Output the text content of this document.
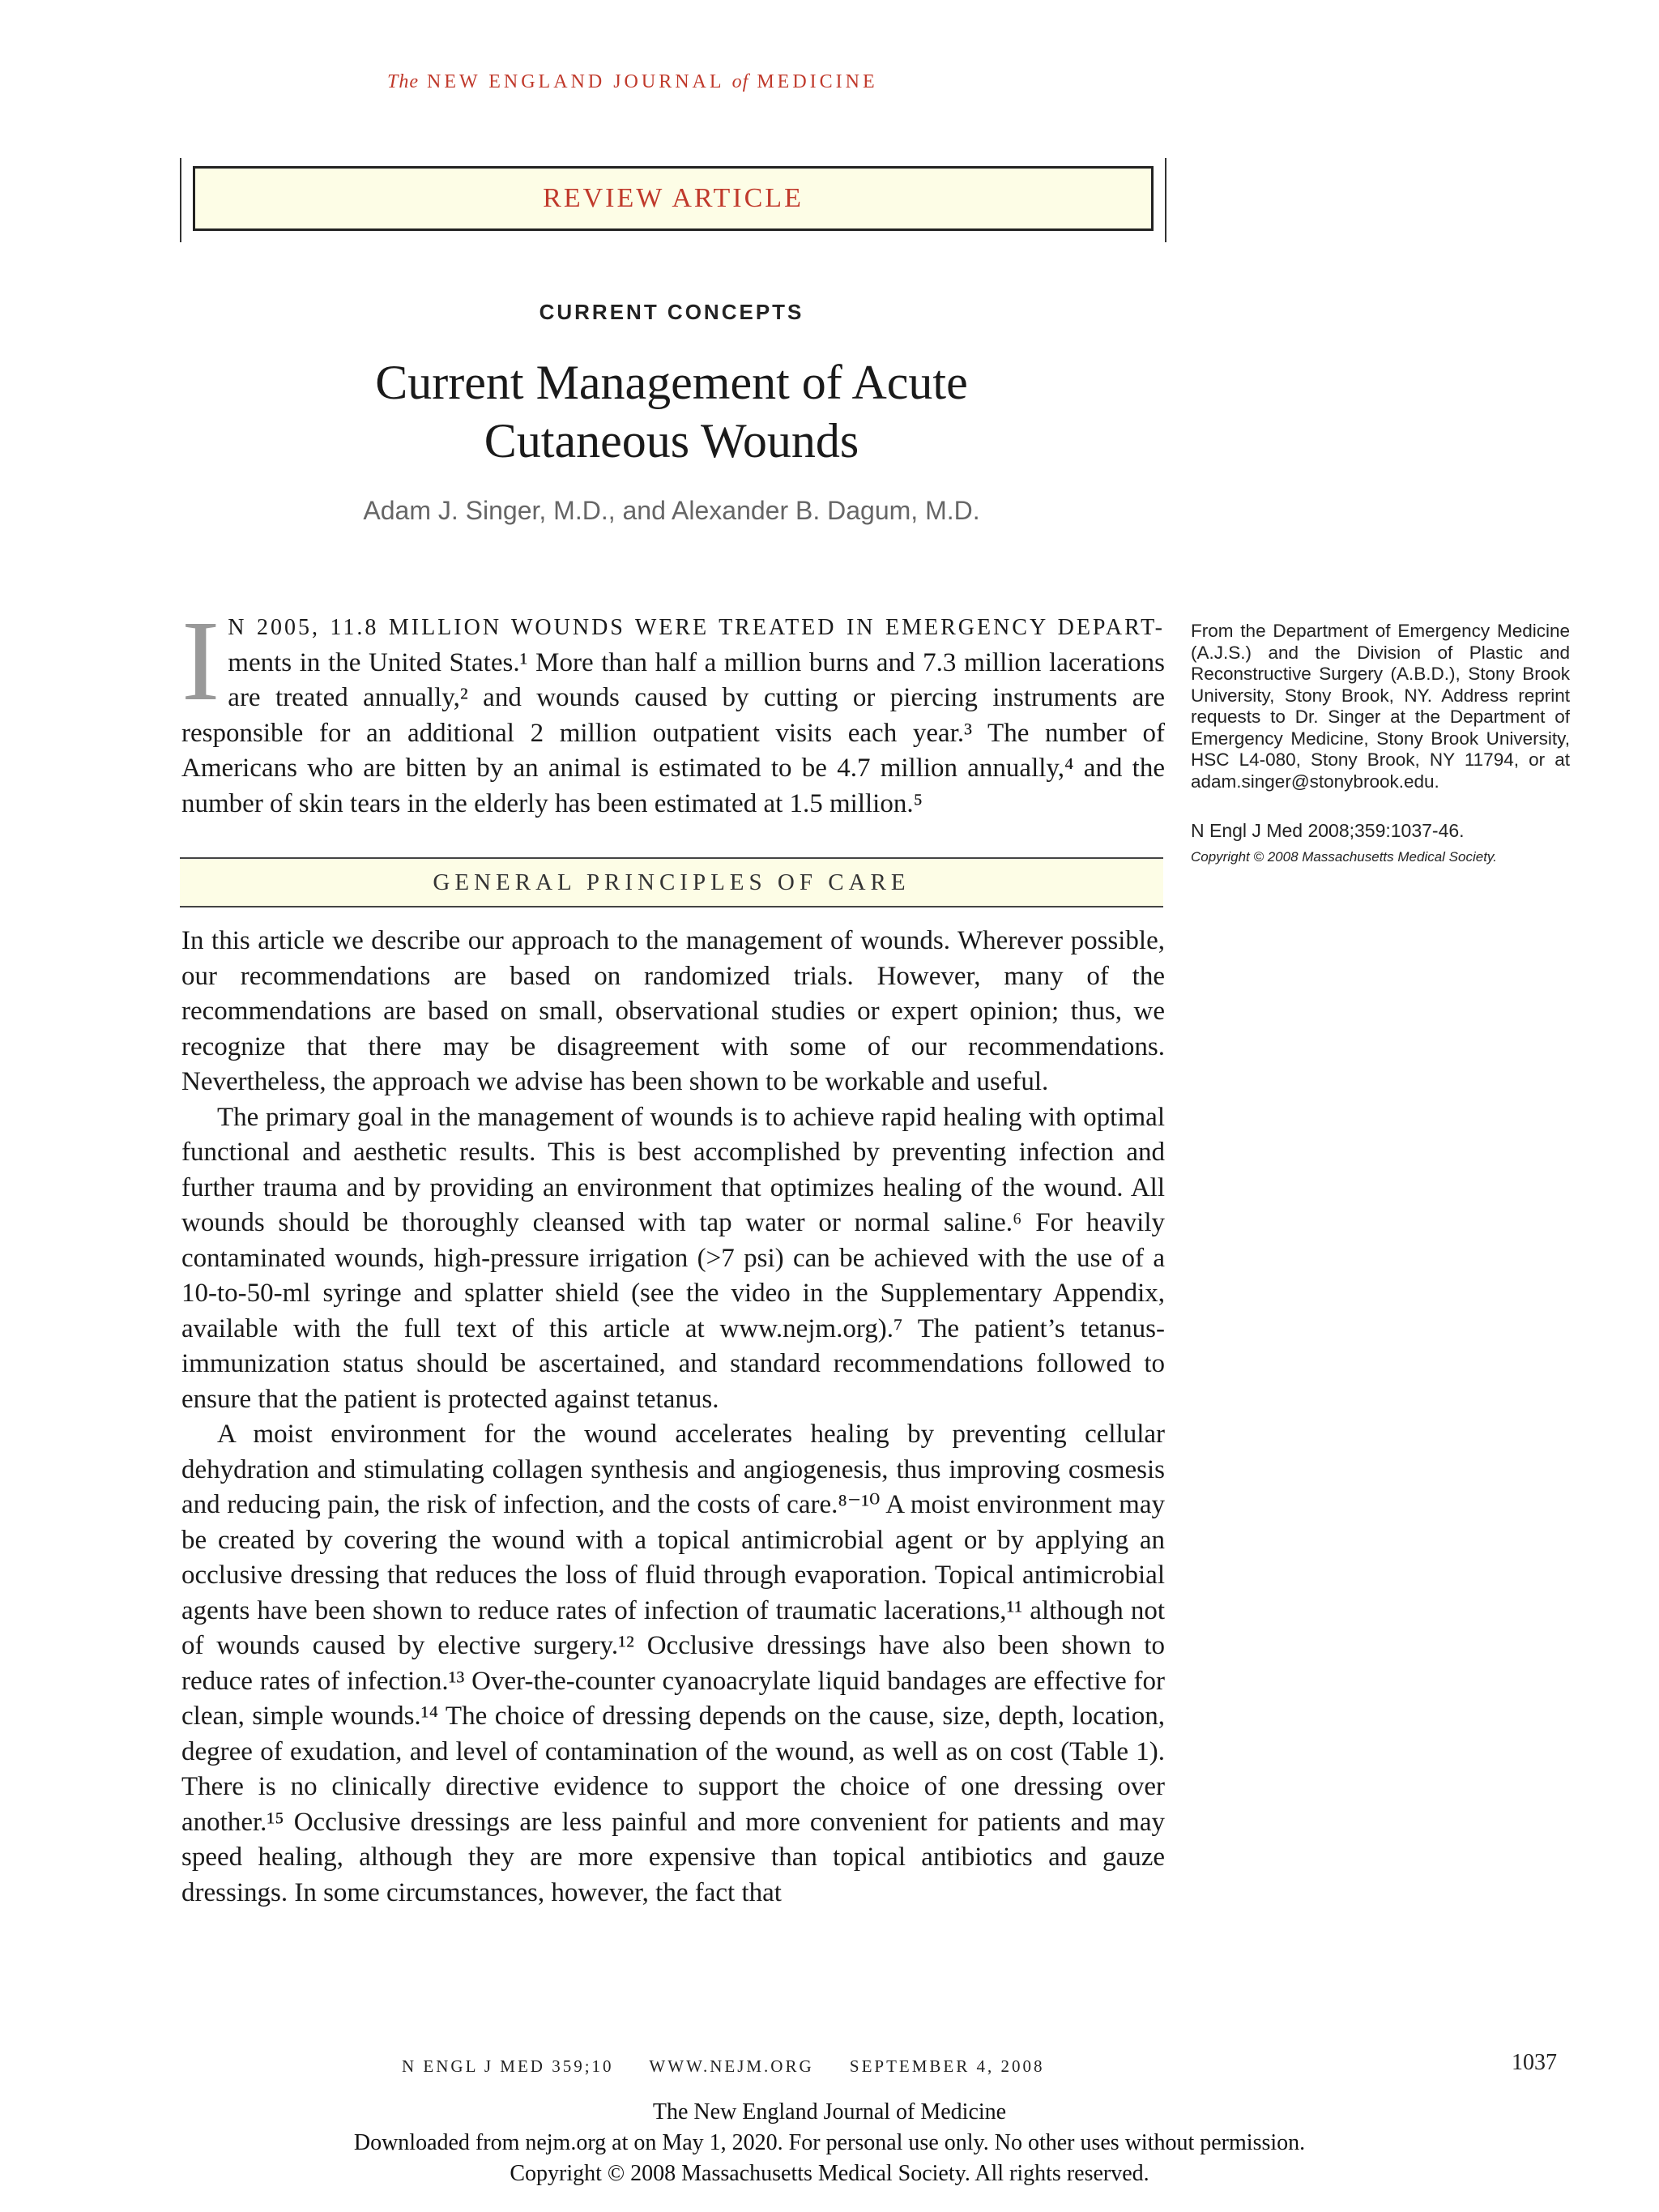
The NEW ENGLAND JOURNAL of MEDICINE
REVIEW ARTICLE
CURRENT CONCEPTS
Current Management of Acute
Cutaneous Wounds
Adam J. Singer, M.D., and Alexander B. Dagum, M.D.
I N 2005, 11.8 MILLION WOUNDS WERE TREATED IN EMERGENCY DEPART- ments in the United States.¹ More than half a million burns and 7.3 million lacerations are treated annually,² and wounds caused by cutting or piercing instruments are responsible for an additional 2 million outpatient visits each year.³ The number of Americans who are bitten by an animal is estimated to be 4.7 million annually,⁴ and the number of skin tears in the elderly has been estimated at 1.5 million.⁵
GENERAL PRINCIPLES OF CARE

In this article we describe our approach to the management of wounds. Wherever possible, our recommendations are based on randomized trials. However, many of the recommendations are based on small, observational studies or expert opinion; thus, we recognize that there may be disagreement with some of our recommendations. Nevertheless, the approach we advise has been shown to be workable and useful.

The primary goal in the management of wounds is to achieve rapid healing with optimal functional and aesthetic results. This is best accomplished by preventing infection and further trauma and by providing an environment that optimizes healing of the wound. All wounds should be thoroughly cleansed with tap water or normal saline.⁶ For heavily contaminated wounds, high-pressure irrigation (>7 psi) can be achieved with the use of a 10-to-50-ml syringe and splatter shield (see the video in the Supplementary Appendix, available with the full text of this article at www.nejm.org).⁷ The patient’s tetanus-immunization status should be ascertained, and standard recommendations followed to ensure that the patient is protected against tetanus.

A moist environment for the wound accelerates healing by preventing cellular dehydration and stimulating collagen synthesis and angiogenesis, thus improving cosmesis and reducing pain, the risk of infection, and the costs of care.⁸⁻¹⁰ A moist environment may be created by covering the wound with a topical antimicrobial agent or by applying an occlusive dressing that reduces the loss of fluid through evaporation. Topical antimicrobial agents have been shown to reduce rates of infection of traumatic lacerations,¹¹ although not of wounds caused by elective surgery.¹² Occlusive dressings have also been shown to reduce rates of infection.¹³ Over-the-counter cyanoacrylate liquid bandages are effective for clean, simple wounds.¹⁴ The choice of dressing depends on the cause, size, depth, location, degree of exudation, and level of contamination of the wound, as well as on cost (Table 1). There is no clinically directive evidence to support the choice of one dressing over another.¹⁵ Occlusive dressings are less painful and more convenient for patients and may speed healing, although they are more expensive than topical antibiotics and gauze dressings. In some circumstances, however, the fact that

From the Department of Emergency Medicine (A.J.S.) and the Division of Plastic and Reconstructive Surgery (A.B.D.), Stony Brook University, Stony Brook, NY. Address reprint requests to Dr. Singer at the Department of Emergency Medicine, Stony Brook University, HSC L4-080, Stony Brook, NY 11794, or at adam.singer@stonybrook.edu.
N Engl J Med 2008;359:1037-46.
Copyright © 2008 Massachusetts Medical Society.
N ENGL J MED 359;10 WWW.NEJM.ORG SEPTEMBER 4, 2008	1037
The New England Journal of Medicine
Downloaded from nejm.org at on May 1, 2020. For personal use only. No other uses without permission.
Copyright © 2008 Massachusetts Medical Society. All rights reserved.
